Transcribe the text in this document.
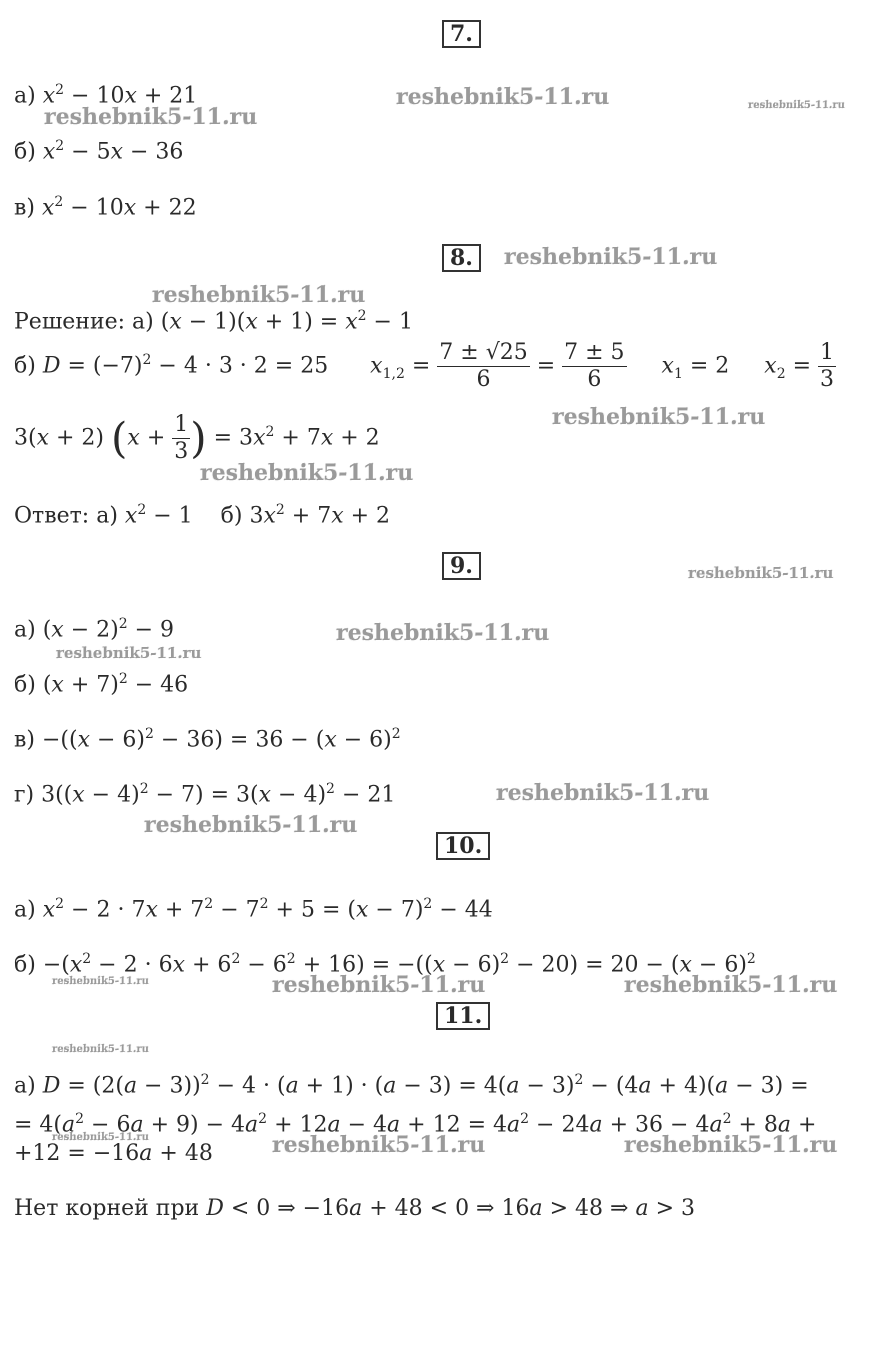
7.
а) $x^2 - 10x + 21$
б) $x^2 - 5x - 36$
в) $x^2 - 10x + 22$
8.
Решение: а) $(x - 1)(x + 1) = x^2 - 1$
б) $D = (-7)^2 - 4 \cdot 3 \cdot 2 = 25$      $x_{1,2} = \frac{7 \pm √25}{6} = \frac{7 \pm 5}{6} x_1 = 2$     $x_2 = \frac{1}{3}$
3(x + 2) ($x + \frac{1}{3}$ ) = $3x^2 + 7x + 2$
Ответ: а) $x^2 - 1$    б) $3x^2 + 7x + 2$
9.
а) $(x - 2)^2 - 9$
б) $(x + 7)^2 - 46$
$в) -((x - 6)^2 - 36) = 36 - (x - 6)^2$
г) $3((x - 4)^2 - 7) = 3(x - 4)^2 - 21$
10.
а) $x^2 - 2 \cdot 7x + 7^2 - 7^2 + 5 = (x - 7)^2 - 44$
$б) -(x^2 - 2 \cdot 6x + 6^2 - 6^2 + 16) = -((x - 6)^2 - 20) = 20 - (x - 6)^2$
11.
а) $D = (2(a - 3))^2 - 4 \cdot (a + 1) \cdot (a - 3) = 4(a - 3)^2 - (4a + 4)(a - 3)$ =
= $4(a^2 - 6a + 9) - 4a^2 + 12a - 4a + 12 = 4a^2 - 24a + 36 - 4a^2 + 8a$ +
+12 = −16a + 48
Нет корней при D < 0 ⇒ −16a + 48 < 0 ⇒ 16a > 48 ⇒ a > 3
reshebnik5-11.ru
reshebnik5-11.ru	reshebnik5-11.ru
reshebnik5-11.ru
reshebnik5-11.ru
reshebnik5-11.ru
reshebnik5-11.ru
reshebnik5-11.ru
reshebnik5-11.ru
reshebnik5-11.ru
reshebnik5-11.ru
reshebnik5-11.ru
reshebnik5-11.ru	reshebnik5-11.ru	reshebnik5-11.ru
reshebnik5-11.ru
reshebnik5-11.ru	reshebnik5-11.ru	reshebnik5-11.ru
